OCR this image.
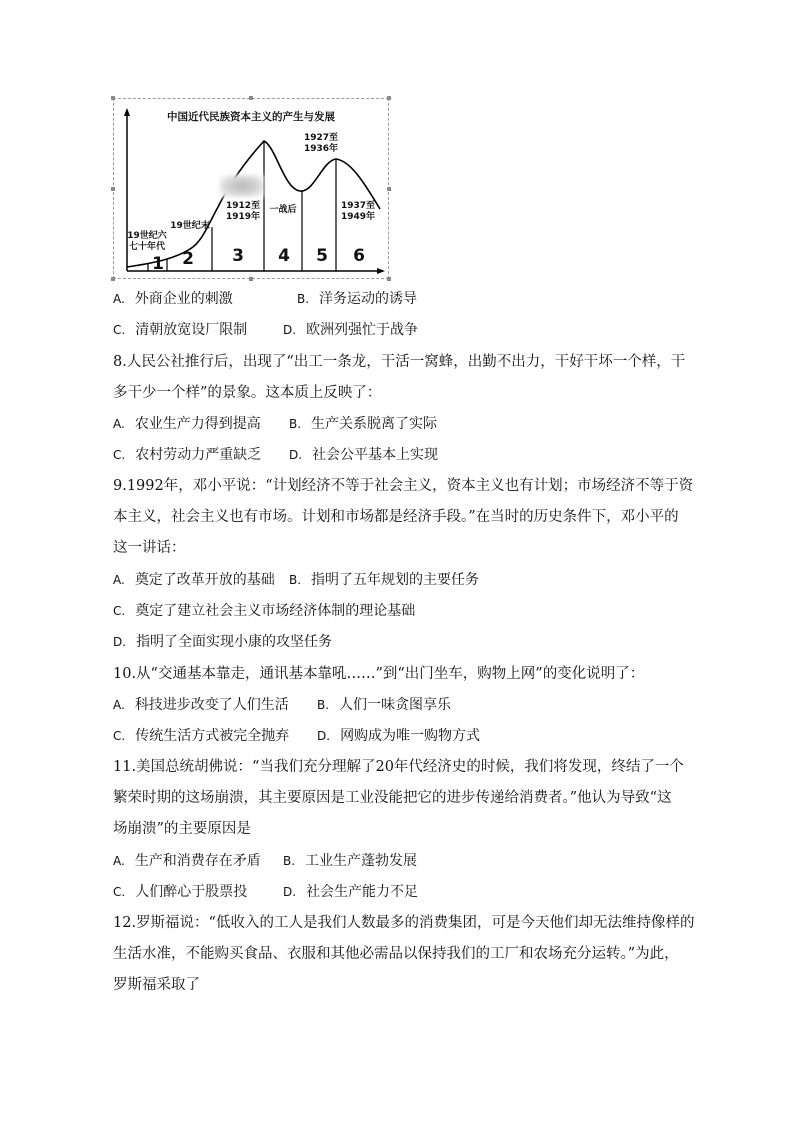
中国近代民族资本主义的产生与发展
19世纪六
七十年代
19世纪末
1912至
1919年
一战后
1927至
1936年
1937至
1949年
1	2	3	4	5	6
A. 外商企业的刺激	B. 洋务运动的诱导
C. 清朝放宽设厂限制	D. 欧洲列强忙于战争
8.人民公社推行后，出现了“出工一条龙，干活一窝蜂，出勤不出力，干好干坏一个样，干
多干少一个样”的景象。这本质上反映了：
A. 农业生产力得到提高 B. 生产关系脱离了实际
C. 农村劳动力严重缺乏 D. 社会公平基本上实现
9.1992年，邓小平说：“计划经济不等于社会主义，资本主义也有计划；市场经济不等于资
本主义，社会主义也有市场。计划和市场都是经济手段。”在当时的历史条件下，邓小平的
这一讲话：
A. 奠定了改革开放的基础 B. 指明了五年规划的主要任务
C. 奠定了建立社会主义市场经济体制的理论基础
D. 指明了全面实现小康的攻坚任务
10.从“交通基本靠走，通讯基本靠吼……”到“出门坐车，购物上网”的变化说明了：
A. 科技进步改变了人们生活 B. 人们一味贪图享乐
C. 传统生活方式被完全抛弃 D. 网购成为唯一购物方式
11.美国总统胡佛说：“当我们充分理解了20年代经济史的时候，我们将发现，终结了一个
繁荣时期的这场崩溃，其主要原因是工业没能把它的进步传递给消费者。”他认为导致“这
场崩溃”的主要原因是
A. 生产和消费存在矛盾 B. 工业生产蓬勃发展
C. 人们醉心于股票投	D. 社会生产能力不足
12.罗斯福说：“低收入的工人是我们人数最多的消费集团，可是今天他们却无法维持像样的
生活水准，不能购买食品、衣服和其他必需品以保持我们的工厂和农场充分运转。”为此，
罗斯福采取了
